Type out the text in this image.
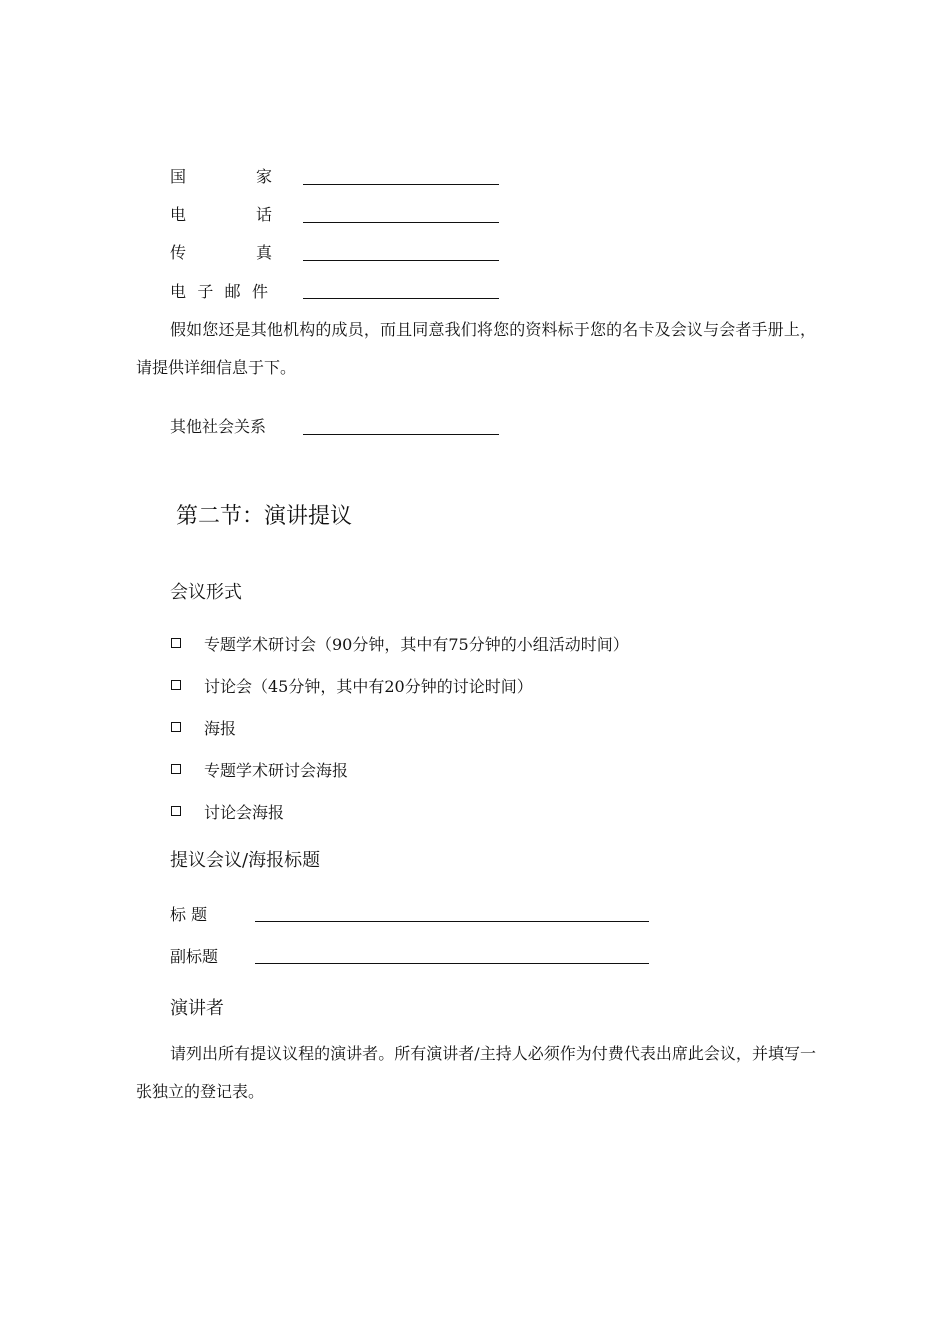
国	家
电	话
传	真
电 子 邮 件
假如您还是其他机构的成员，而且同意我们将您的资料标于您的名卡及会议与会者手册上，请提供详细信息于下。
其他社会关系
第二节：演讲提议
会议形式
专题学术研讨会（90分钟，其中有75分钟的小组活动时间）
讨论会（45分钟，其中有20分钟的讨论时间）
海报
专题学术研讨会海报
讨论会海报
提议会议/海报标题
标 题
副标题
演讲者
请列出所有提议议程的演讲者。所有演讲者/主持人必须作为付费代表出席此会议，并填写一张独立的登记表。
